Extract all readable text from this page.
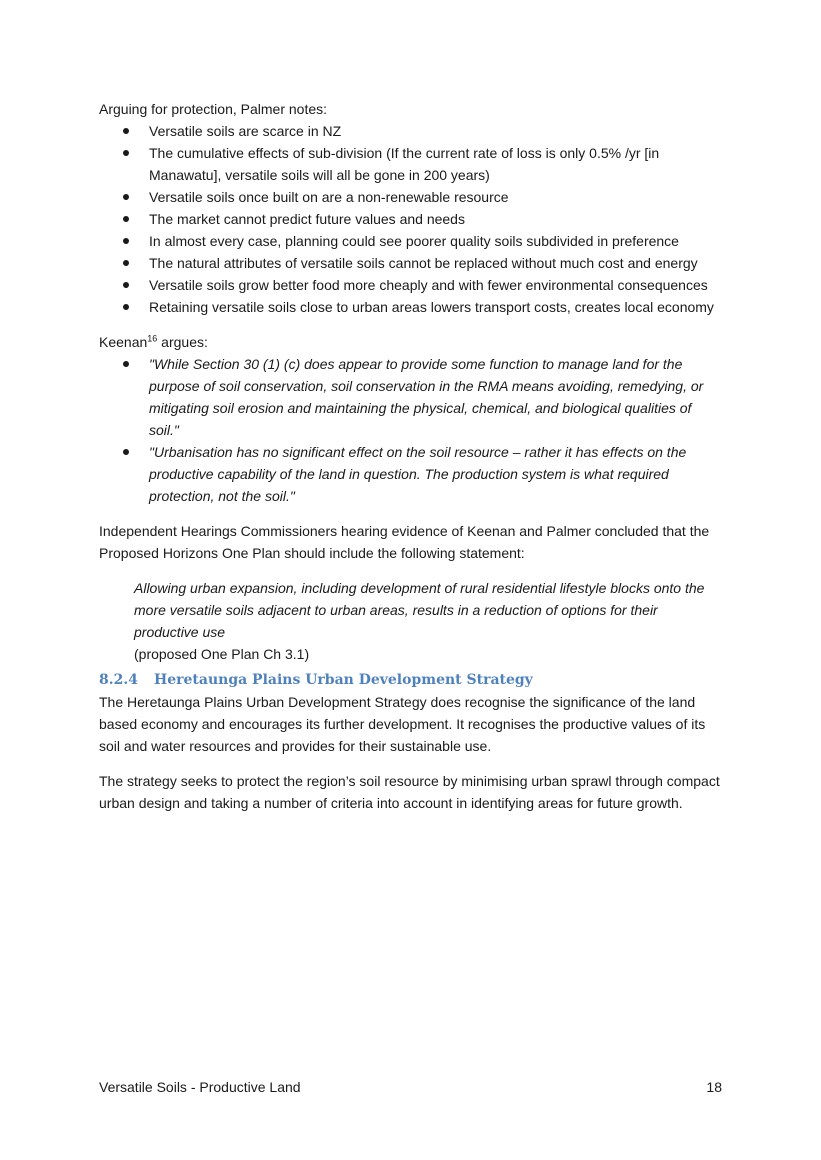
Arguing for protection, Palmer notes:

Versatile soils are scarce in NZ
The cumulative effects of sub-division (If the current rate of loss is only 0.5% /yr [in Manawatu], versatile soils will all be gone in 200 years)
Versatile soils once built on are a non-renewable resource
The market cannot predict future values and needs
In almost every case, planning could see poorer quality soils subdivided in preference
The natural attributes of versatile soils cannot be replaced without much cost and energy
Versatile soils grow better food more cheaply and with fewer environmental consequences
Retaining versatile soils close to urban areas lowers transport costs, creates local economy

Keenan$^{16}$ argues:

"While Section 30 (1) (c) does appear to provide some function to manage land for the purpose of soil conservation, soil conservation in the RMA means avoiding, remedying, or mitigating soil erosion and maintaining the physical, chemical, and biological qualities of soil."
"Urbanisation has no significant effect on the soil resource – rather it has effects on the productive capability of the land in question. The production system is what required protection, not the soil."

Independent Hearings Commissioners hearing evidence of Keenan and Palmer concluded that the Proposed Horizons One Plan should include the following statement:

Allowing urban expansion, including development of rural residential lifestyle blocks onto the more versatile soils adjacent to urban areas, results in a reduction of options for their productive use

(proposed One Plan Ch 3.1)

8.2.4 Heretaunga Plains Urban Development Strategy

The Heretaunga Plains Urban Development Strategy does recognise the significance of the land based economy and encourages its further development. It recognises the productive values of its soil and water resources and provides for their sustainable use.

The strategy seeks to protect the region’s soil resource by minimising urban sprawl through compact urban design and taking a number of criteria into account in identifying areas for future growth.

Versatile Soils - Productive Land	18
